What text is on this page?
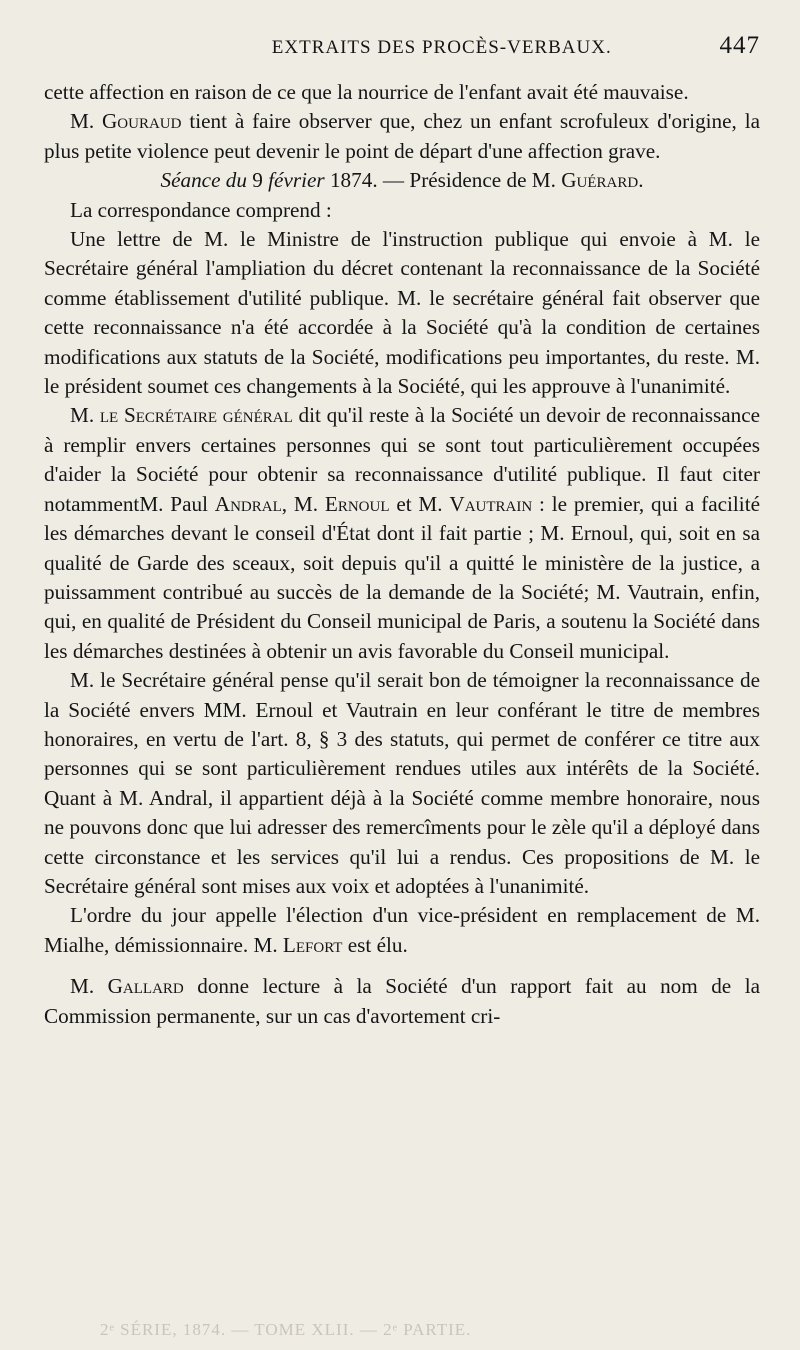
EXTRAITS DES PROCÈS-VERBAUX.	447

cette affection en raison de ce que la nourrice de l'enfant avait été mauvaise.

M. Gouraud tient à faire observer que, chez un enfant scrofuleux d'origine, la plus petite violence peut devenir le point de départ d'une affection grave.

Séance du 9 février 1874. — Présidence de M. Guérard.

La correspondance comprend :

Une lettre de M. le Ministre de l'instruction publique qui envoie à M. le Secrétaire général l'ampliation du décret contenant la reconnaissance de la Société comme établissement d'utilité publique. M. le secrétaire général fait observer que cette reconnaissance n'a été accordée à la Société qu'à la condition de certaines modifications aux statuts de la Société, modifications peu importantes, du reste. M. le président soumet ces changements à la Société, qui les approuve à l'unanimité.

M. le Secrétaire général dit qu'il reste à la Société un devoir de reconnaissance à remplir envers certaines personnes qui se sont tout particulièrement occupées d'aider la Société pour obtenir sa reconnaissance d'utilité publique. Il faut citer notammentM. Paul Andral, M. Ernoul et M. Vautrain : le premier, qui a facilité les démarches devant le conseil d'État dont il fait partie ; M. Ernoul, qui, soit en sa qualité de Garde des sceaux, soit depuis qu'il a quitté le ministère de la justice, a puissamment contribué au succès de la demande de la Société; M. Vautrain, enfin, qui, en qualité de Président du Conseil municipal de Paris, a soutenu la Société dans les démarches destinées à obtenir un avis favorable du Conseil municipal.

M. le Secrétaire général pense qu'il serait bon de témoigner la reconnaissance de la Société envers MM. Ernoul et Vautrain en leur conférant le titre de membres honoraires, en vertu de l'art. 8, § 3 des statuts, qui permet de conférer ce titre aux personnes qui se sont particulièrement rendues utiles aux intérêts de la Société. Quant à M. Andral, il appartient déjà à la Société comme membre honoraire, nous ne pouvons donc que lui adresser des remercîments pour le zèle qu'il a déployé dans cette circonstance et les services qu'il lui a rendus. Ces propositions de M. le Secrétaire général sont mises aux voix et adoptées à l'unanimité.

L'ordre du jour appelle l'élection d'un vice-président en remplacement de M. Mialhe, démissionnaire. M. Lefort est élu.

M. Gallard donne lecture à la Société d'un rapport fait au nom de la Commission permanente, sur un cas d'avortement cri-

2ᵉ SÉRIE, 1874. — TOME XLII. — 2ᵉ PARTIE.
